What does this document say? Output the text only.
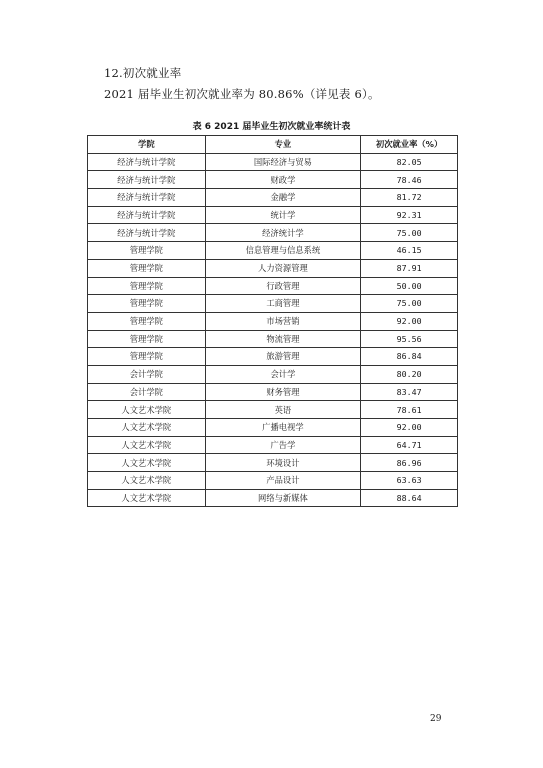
12.初次就业率
2021 届毕业生初次就业率为 80.86%（详见表 6）。
表 6 2021 届毕业生初次就业率统计表
学院	专业	初次就业率（%）
经济与统计学院	国际经济与贸易	82.05
经济与统计学院	财政学	78.46
经济与统计学院	金融学	81.72
经济与统计学院	统计学	92.31
经济与统计学院	经济统计学	75.00
管理学院	信息管理与信息系统	46.15
管理学院	人力资源管理	87.91
管理学院	行政管理	50.00
管理学院	工商管理	75.00
管理学院	市场营销	92.00
管理学院	物流管理	95.56
管理学院	旅游管理	86.84
会计学院	会计学	80.20
会计学院	财务管理	83.47
人文艺术学院	英语	78.61
人文艺术学院	广播电视学	92.00
人文艺术学院	广告学	64.71
人文艺术学院	环境设计	86.96
人文艺术学院	产品设计	63.63
人文艺术学院	网络与新媒体	88.64
29
